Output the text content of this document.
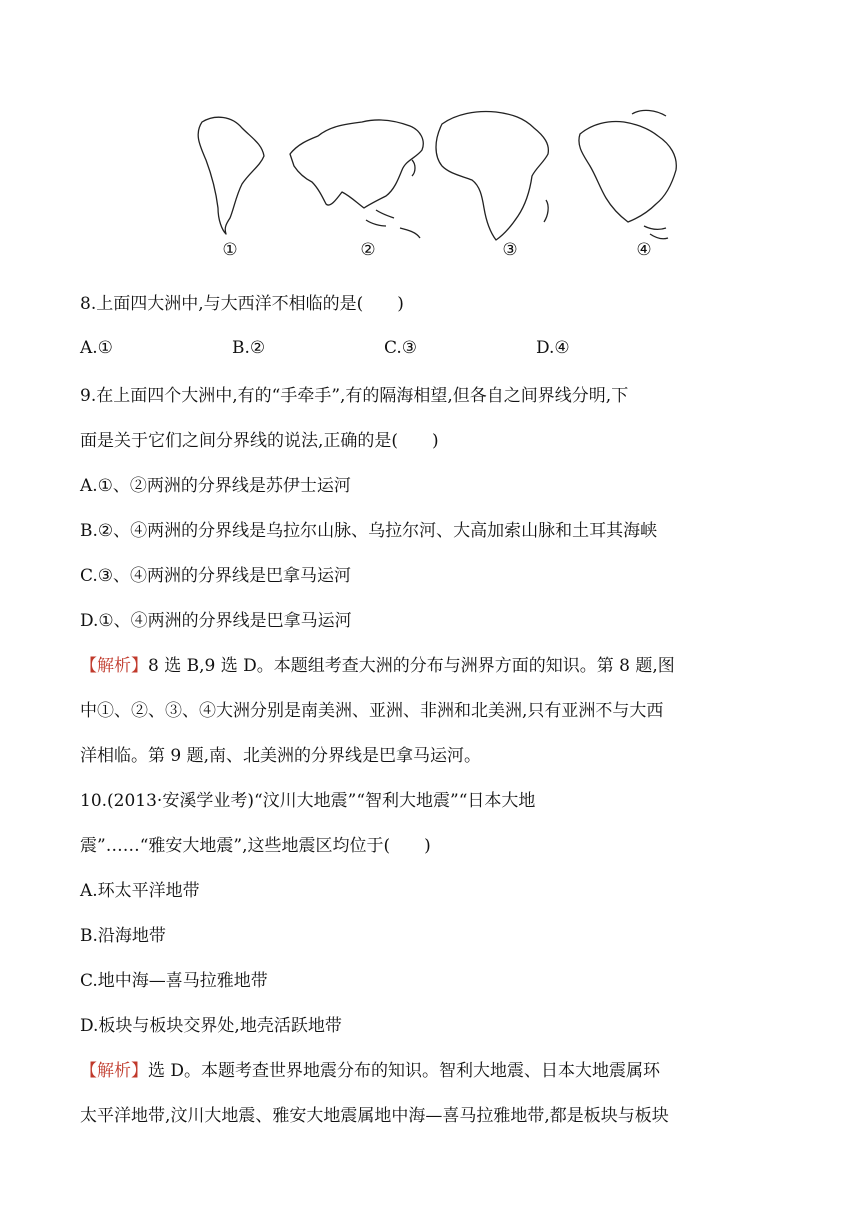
①	②	③	④
8.上面四大洲中,与大西洋不相临的是(　　)
A.①	B.②	C.③	D.④
9.在上面四个大洲中,有的“手牵手”,有的隔海相望,但各自之间界线分明,下
面是关于它们之间分界线的说法,正确的是(　　)
A.①、②两洲的分界线是苏伊士运河
B.②、④两洲的分界线是乌拉尔山脉、乌拉尔河、大高加索山脉和土耳其海峡
C.③、④两洲的分界线是巴拿马运河
D.①、④两洲的分界线是巴拿马运河
【解析】8 选 B,9 选 D。本题组考查大洲的分布与洲界方面的知识。第 8 题,图
中①、②、③、④大洲分别是南美洲、亚洲、非洲和北美洲,只有亚洲不与大西
洋相临。第 9 题,南、北美洲的分界线是巴拿马运河。
10.(2013·安溪学业考)“汶川大地震”“智利大地震”“日本大地
震”……“雅安大地震”,这些地震区均位于(　　)
A.环太平洋地带
B.沿海地带
C.地中海—喜马拉雅地带
D.板块与板块交界处,地壳活跃地带
【解析】选 D。本题考查世界地震分布的知识。智利大地震、日本大地震属环
太平洋地带,汶川大地震、雅安大地震属地中海—喜马拉雅地带,都是板块与板块
